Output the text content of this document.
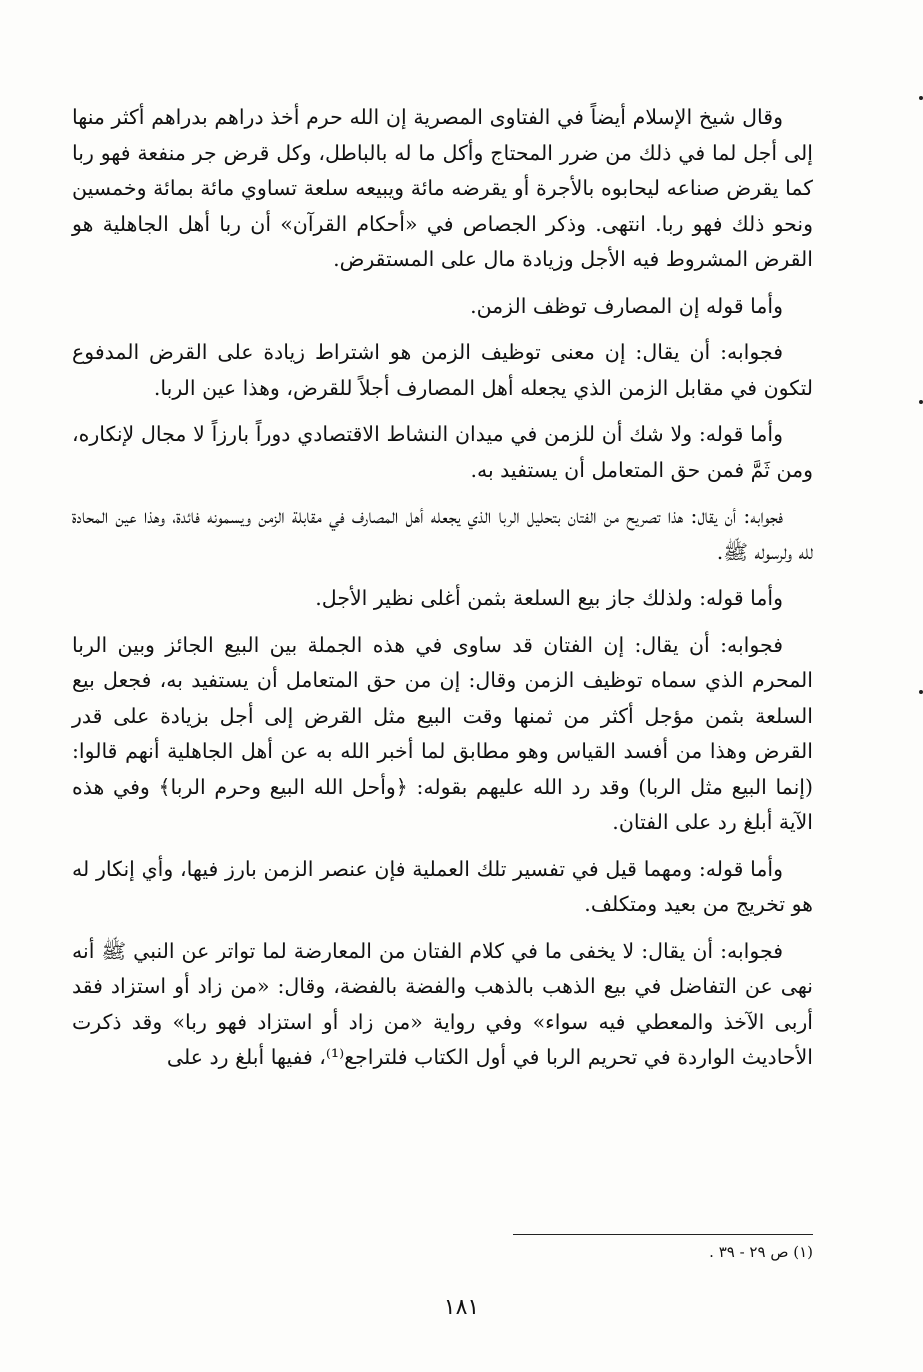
وقال شيخ الإسلام أيضاً في الفتاوى المصرية إن الله حرم أخذ دراهم بدراهم أكثر منها إلى أجل لما في ذلك من ضرر المحتاج وأكل ما له بالباطل، وكل قرض جر منفعة فهو ربا كما يقرض صناعه ليحابوه بالأجرة أو يقرضه مائة ويبيعه سلعة تساوي مائة بمائة وخمسين ونحو ذلك فهو ربا. انتهى. وذكر الجصاص في «أحكام القرآن» أن ربا أهل الجاهلية هو القرض المشروط فيه الأجل وزيادة مال على المستقرض.

وأما قوله إن المصارف توظف الزمن.

فجوابه: أن يقال: إن معنى توظيف الزمن هو اشتراط زيادة على القرض المدفوع لتكون في مقابل الزمن الذي يجعله أهل المصارف أجلاً للقرض، وهذا عين الربا.

وأما قوله: ولا شك أن للزمن في ميدان النشاط الاقتصادي دوراً بارزاً لا مجال لإنكاره، ومن ثَمَّ فمن حق المتعامل أن يستفيد به.

فجوابه: أن يقال: هذا تصريح من الفتان بتحليل الربا الذي يجعله أهل المصارف في مقابلة الزمن ويسمونه فائدة، وهذا عين المحادة لله ولرسوله ﷺ.

وأما قوله: ولذلك جاز بيع السلعة بثمن أغلى نظير الأجل.

فجوابه: أن يقال: إن الفتان قد ساوى في هذه الجملة بين البيع الجائز وبين الربا المحرم الذي سماه توظيف الزمن وقال: إن من حق المتعامل أن يستفيد به، فجعل بيع السلعة بثمن مؤجل أكثر من ثمنها وقت البيع مثل القرض إلى أجل بزيادة على قدر القرض وهذا من أفسد القياس وهو مطابق لما أخبر الله به عن أهل الجاهلية أنهم قالوا: (إنما البيع مثل الربا) وقد رد الله عليهم بقوله: ﴿وأحل الله البيع وحرم الربا﴾ وفي هذه الآية أبلغ رد على الفتان.

وأما قوله: ومهما قيل في تفسير تلك العملية فإن عنصر الزمن بارز فيها، وأي إنكار له هو تخريج من بعيد ومتكلف.

فجوابه: أن يقال: لا يخفى ما في كلام الفتان من المعارضة لما تواتر عن النبي ﷺ أنه نهى عن التفاضل في بيع الذهب بالذهب والفضة بالفضة، وقال: «من زاد أو استزاد فقد أربى الآخذ والمعطي فيه سواء» وفي رواية «من زاد أو استزاد فهو ربا» وقد ذكرت الأحاديث الواردة في تحريم الربا في أول الكتاب فلتراجع⁽¹⁾، ففيها أبلغ رد على

(١) ص ٢٩ - ٣٩ .
١٨١
